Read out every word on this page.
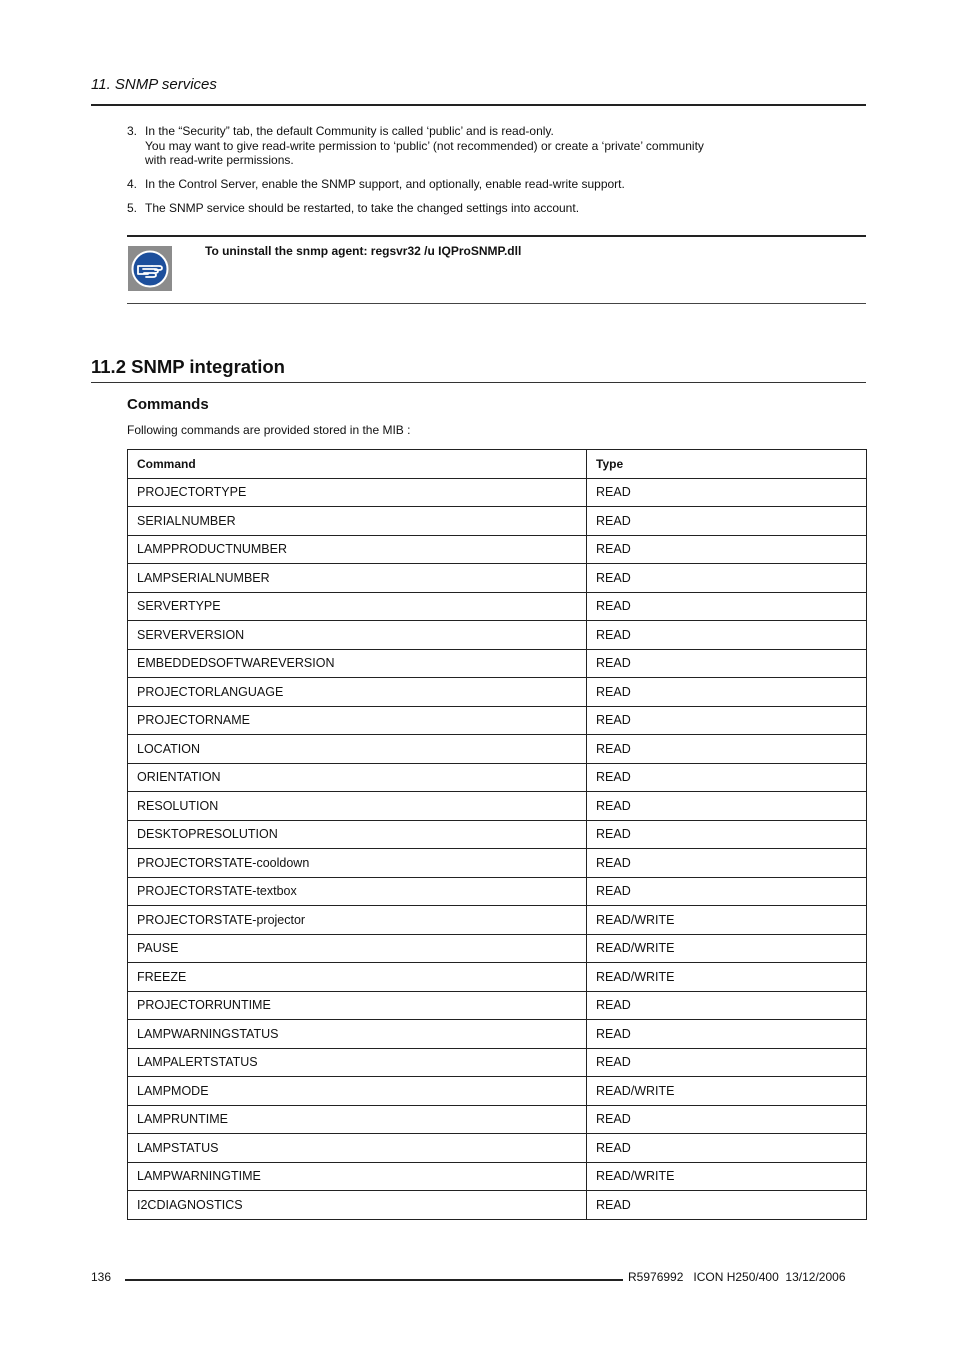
11. SNMP services
3. In the “Security” tab, the default Community is called ‘public’ and is read-only.
You may want to give read-write permission to ‘public’ (not recommended) or create a ‘private’ community
with read-write permissions.
4. In the Control Server, enable the SNMP support, and optionally, enable read-write support.
5. The SNMP service should be restarted, to take the changed settings into account.
To uninstall the snmp agent: regsvr32 /u IQProSNMP.dll
11.2 SNMP integration
Commands
Following commands are provided stored in the MIB :
Command	Type
PROJECTORTYPE	READ
SERIALNUMBER	READ
LAMPPRODUCTNUMBER	READ
LAMPSERIALNUMBER	READ
SERVERTYPE	READ
SERVERVERSION	READ
EMBEDDEDSOFTWAREVERSION	READ
PROJECTORLANGUAGE	READ
PROJECTORNAME	READ
LOCATION	READ
ORIENTATION	READ
RESOLUTION	READ
DESKTOPRESOLUTION	READ
PROJECTORSTATE-cooldown	READ
PROJECTORSTATE-textbox	READ
PROJECTORSTATE-projector	READ/WRITE
PAUSE	READ/WRITE
FREEZE	READ/WRITE
PROJECTORRUNTIME	READ
LAMPWARNINGSTATUS	READ
LAMPALERTSTATUS	READ
LAMPMODE	READ/WRITE
LAMPRUNTIME	READ
LAMPSTATUS	READ
LAMPWARNINGTIME	READ/WRITE
I2CDIAGNOSTICS	READ
136	R5976992   ICON H250/400  13/12/2006
